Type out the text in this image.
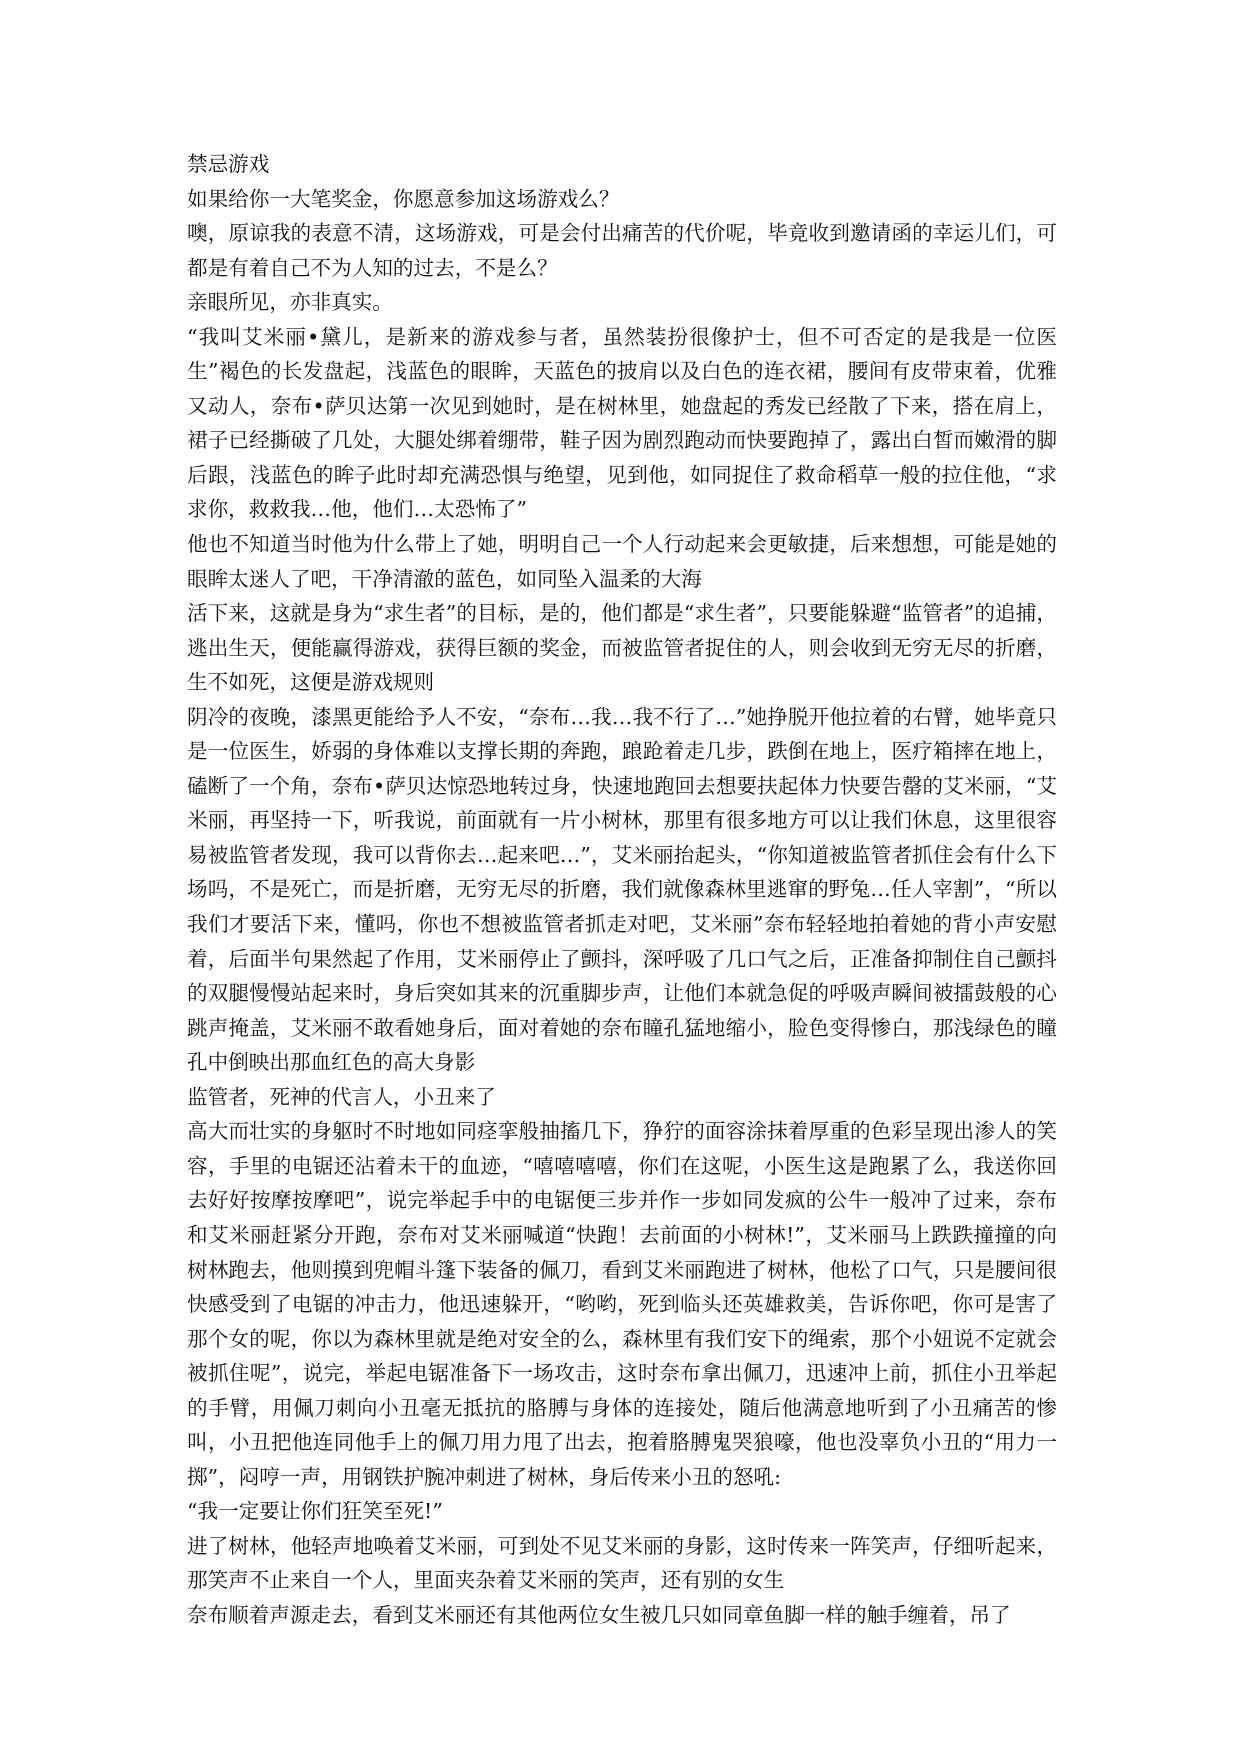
禁忌游戏

如果给你一大笔奖金，你愿意参加这场游戏么？

噢，原谅我的表意不清，这场游戏，可是会付出痛苦的代价呢，毕竟收到邀请函的幸运儿们，可都是有着自己不为人知的过去，不是么？

亲眼所见，亦非真实。

“我叫艾米丽•黛儿，是新来的游戏参与者，虽然装扮很像护士，但不可否定的是我是一位医生”褐色的长发盘起，浅蓝色的眼眸，天蓝色的披肩以及白色的连衣裙，腰间有皮带束着，优雅又动人，奈布•萨贝达第一次见到她时，是在树林里，她盘起的秀发已经散了下来，搭在肩上，裙子已经撕破了几处，大腿处绑着绷带，鞋子因为剧烈跑动而快要跑掉了，露出白皙而嫩滑的脚后跟，浅蓝色的眸子此时却充满恐惧与绝望，见到他，如同捉住了救命稻草一般的拉住他，“求求你，救救我…他，他们…太恐怖了”

他也不知道当时他为什么带上了她，明明自己一个人行动起来会更敏捷，后来想想，可能是她的眼眸太迷人了吧，干净清澈的蓝色，如同坠入温柔的大海

活下来，这就是身为“求生者”的目标，是的，他们都是“求生者”，只要能躲避“监管者”的追捕，逃出生天，便能赢得游戏，获得巨额的奖金，而被监管者捉住的人，则会收到无穷无尽的折磨，生不如死，这便是游戏规则

阴冷的夜晚，漆黑更能给予人不安，“奈布…我…我不行了…”她挣脱开他拉着的右臂，她毕竟只是一位医生，娇弱的身体难以支撑长期的奔跑，踉跄着走几步，跌倒在地上，医疗箱摔在地上，磕断了一个角，奈布•萨贝达惊恐地转过身，快速地跑回去想要扶起体力快要告罄的艾米丽，“艾米丽，再坚持一下，听我说，前面就有一片小树林，那里有很多地方可以让我们休息，这里很容易被监管者发现，我可以背你去…起来吧…”，艾米丽抬起头，“你知道被监管者抓住会有什么下场吗，不是死亡，而是折磨，无穷无尽的折磨，我们就像森林里逃窜的野兔…任人宰割”，“所以我们才要活下来，懂吗，你也不想被监管者抓走对吧，艾米丽”奈布轻轻地拍着她的背小声安慰着，后面半句果然起了作用，艾米丽停止了颤抖，深呼吸了几口气之后，正准备抑制住自己颤抖的双腿慢慢站起来时，身后突如其来的沉重脚步声，让他们本就急促的呼吸声瞬间被擂鼓般的心跳声掩盖，艾米丽不敢看她身后，面对着她的奈布瞳孔猛地缩小，脸色变得惨白，那浅绿色的瞳孔中倒映出那血红色的高大身影

监管者，死神的代言人，小丑来了

高大而壮实的身躯时不时地如同痉挛般抽搐几下，狰狞的面容涂抹着厚重的色彩呈现出渗人的笑容，手里的电锯还沾着未干的血迹，“嘻嘻嘻嘻，你们在这呢，小医生这是跑累了么，我送你回去好好按摩按摩吧”，说完举起手中的电锯便三步并作一步如同发疯的公牛一般冲了过来，奈布和艾米丽赶紧分开跑，奈布对艾米丽喊道“快跑！去前面的小树林!”，艾米丽马上跌跌撞撞的向树林跑去，他则摸到兜帽斗篷下装备的佩刀，看到艾米丽跑进了树林，他松了口气，只是腰间很快感受到了电锯的冲击力，他迅速躲开，“哟哟，死到临头还英雄救美，告诉你吧，你可是害了那个女的呢，你以为森林里就是绝对安全的么，森林里有我们安下的绳索，那个小妞说不定就会被抓住呢”，说完，举起电锯准备下一场攻击，这时奈布拿出佩刀，迅速冲上前，抓住小丑举起的手臂，用佩刀刺向小丑毫无抵抗的胳膊与身体的连接处，随后他满意地听到了小丑痛苦的惨叫，小丑把他连同他手上的佩刀用力甩了出去，抱着胳膊鬼哭狼嚎，他也没辜负小丑的“用力一掷”，闷哼一声，用钢铁护腕冲刺进了树林，身后传来小丑的怒吼:

“我一定要让你们狂笑至死!”

进了树林，他轻声地唤着艾米丽，可到处不见艾米丽的身影，这时传来一阵笑声，仔细听起来，那笑声不止来自一个人，里面夹杂着艾米丽的笑声，还有别的女生

奈布顺着声源走去，看到艾米丽还有其他两位女生被几只如同章鱼脚一样的触手缠着，吊了
